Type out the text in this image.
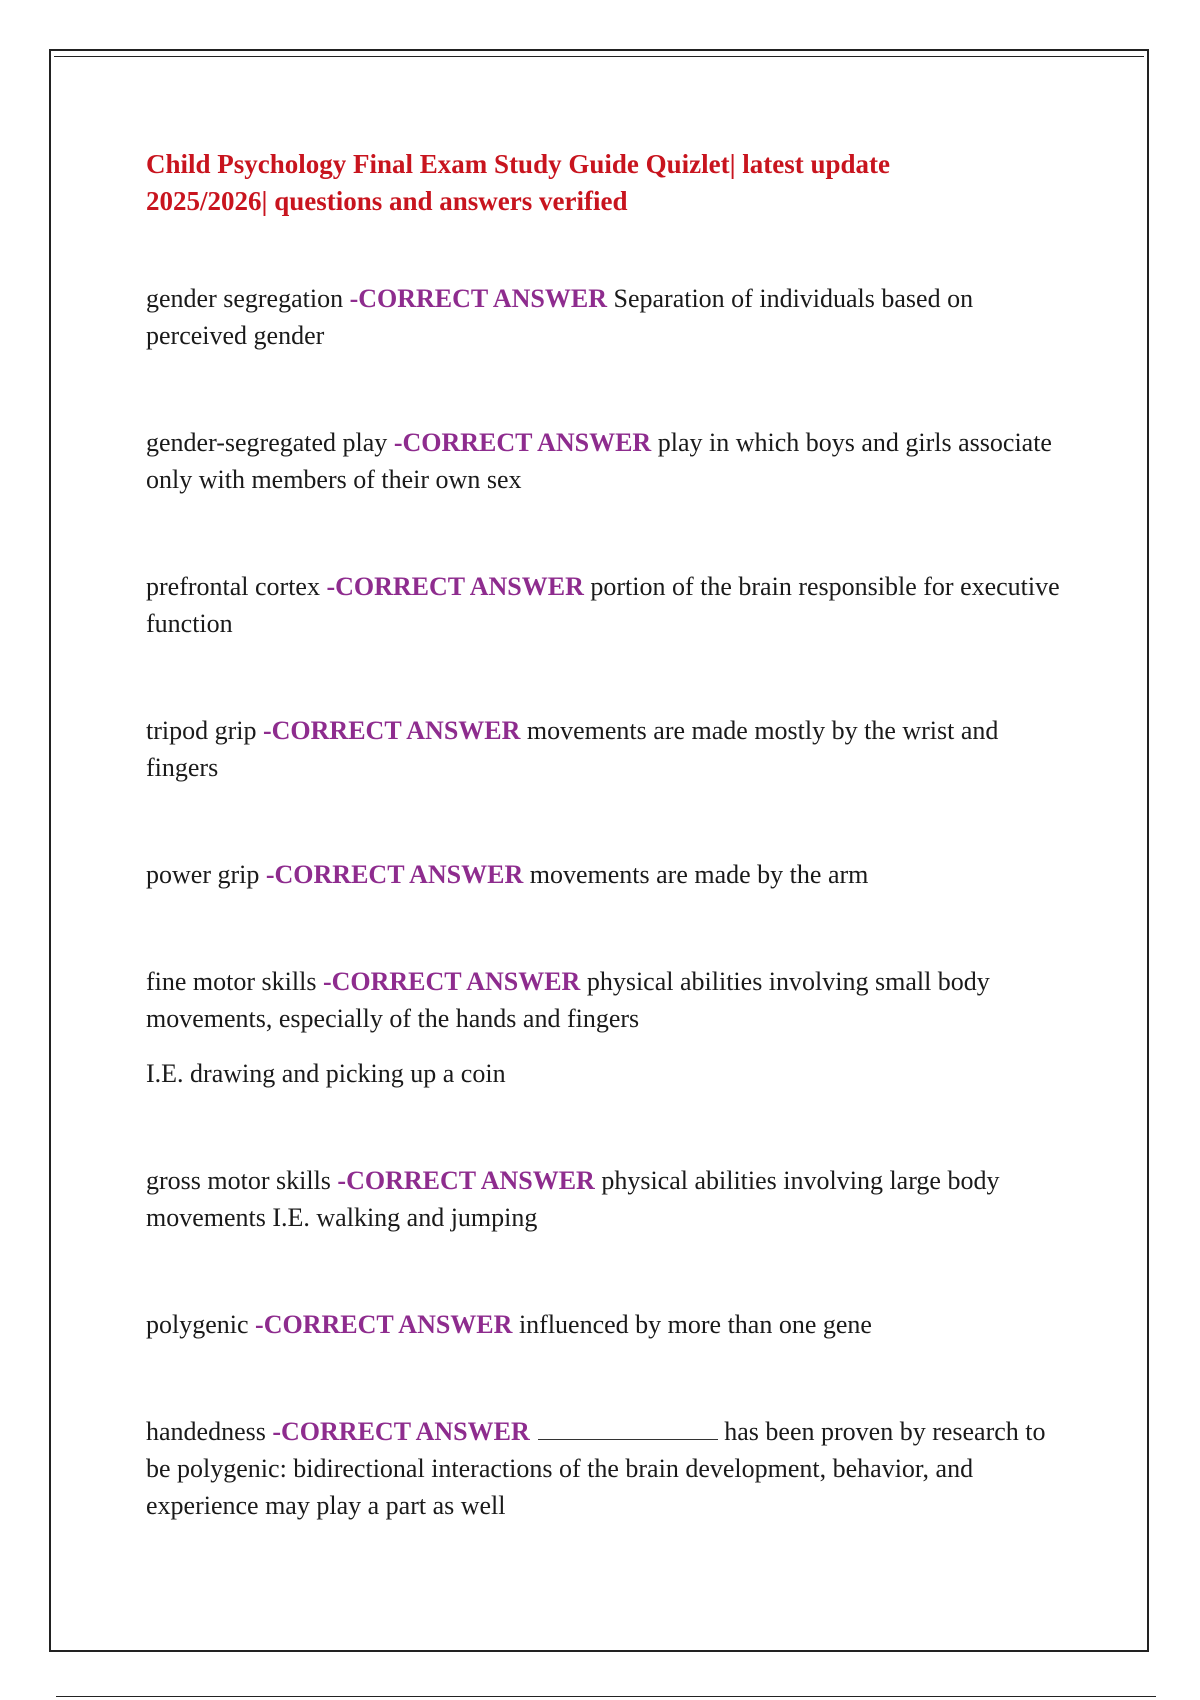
Child Psychology Final Exam Study Guide Quizlet| latest update 2025/2026| questions and answers verified
gender segregation -CORRECT ANSWER Separation of individuals based on perceived gender
gender-segregated play -CORRECT ANSWER play in which boys and girls associate only with members of their own sex
prefrontal cortex -CORRECT ANSWER portion of the brain responsible for executive function
tripod grip -CORRECT ANSWER movements are made mostly by the wrist and fingers
power grip -CORRECT ANSWER movements are made by the arm
fine motor skills -CORRECT ANSWER physical abilities involving small body movements, especially of the hands and fingers
I.E. drawing and picking up a coin
gross motor skills -CORRECT ANSWER physical abilities involving large body movements I.E. walking and jumping
polygenic -CORRECT ANSWER influenced by more than one gene
handedness -CORRECT ANSWER	has been proven by research to be polygenic: bidirectional interactions of the brain development, behavior, and experience may play a part as well
